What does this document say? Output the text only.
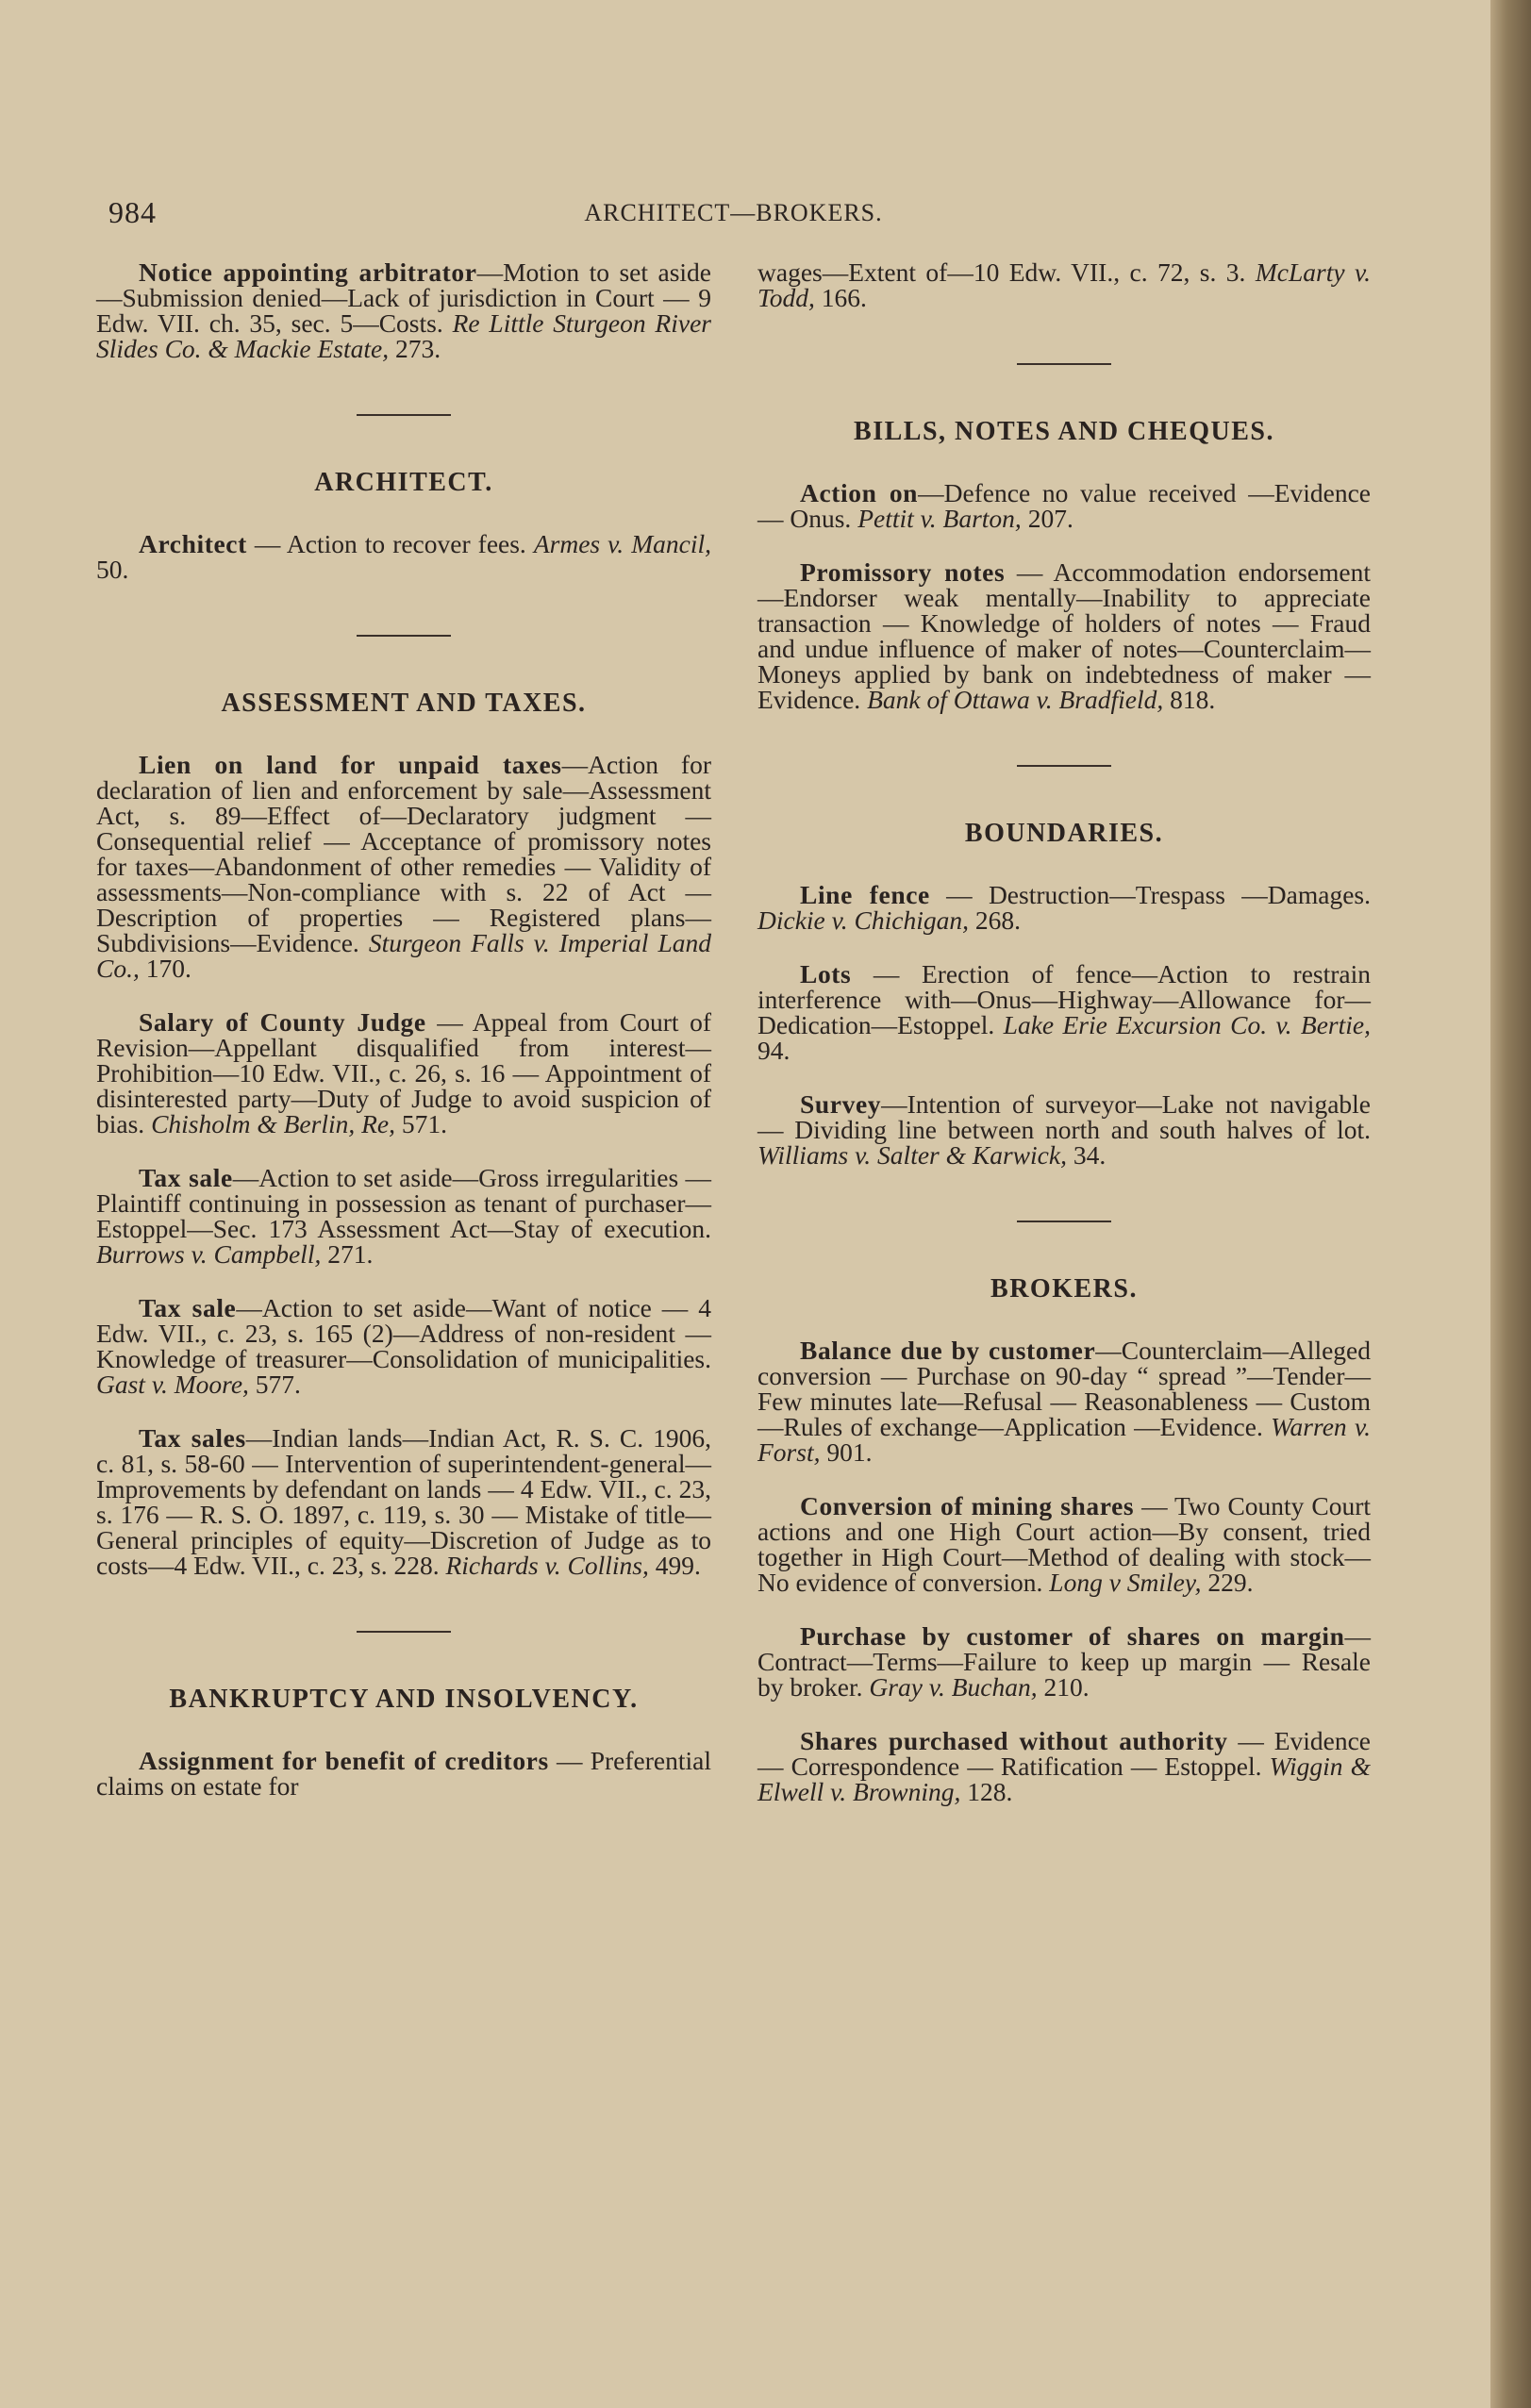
984	ARCHITECT—BROKERS.

Notice appointing arbitrator—Motion to set aside—Submission denied—Lack of jurisdiction in Court — 9 Edw. VII. ch. 35, sec. 5—Costs. Re Little Sturgeon River Slides Co. & Mackie Estate, 273.

ARCHITECT.

Architect — Action to recover fees. Armes v. Mancil, 50.

ASSESSMENT AND TAXES.

Lien on land for unpaid taxes—Action for declaration of lien and enforcement by sale—Assessment Act, s. 89—Effect of—Declaratory judgment — Consequential relief — Acceptance of promissory notes for taxes—Abandonment of other remedies — Validity of assessments—Non-compliance with s. 22 of Act —Description of properties — Registered plans—Subdivisions—Evidence. Sturgeon Falls v. Imperial Land Co., 170.

Salary of County Judge — Appeal from Court of Revision—Appellant disqualified from interest—Prohibition—10 Edw. VII., c. 26, s. 16 — Appointment of disinterested party—Duty of Judge to avoid suspicion of bias. Chisholm & Berlin, Re, 571.

Tax sale—Action to set aside—Gross irregularities — Plaintiff continuing in possession as tenant of purchaser—Estoppel—Sec. 173 Assessment Act—Stay of execution. Burrows v. Campbell, 271.

Tax sale—Action to set aside—Want of notice — 4 Edw. VII., c. 23, s. 165 (2)—Address of non-resident — Knowledge of treasurer—Consolidation of municipalities. Gast v. Moore, 577.

Tax sales—Indian lands—Indian Act, R. S. C. 1906, c. 81, s. 58-60 — Intervention of superintendent-general—Improvements by defendant on lands — 4 Edw. VII., c. 23, s. 176 — R. S. O. 1897, c. 119, s. 30 — Mistake of title—General principles of equity—Discretion of Judge as to costs—4 Edw. VII., c. 23, s. 228. Richards v. Collins, 499.

BANKRUPTCY AND INSOLVENCY.

Assignment for benefit of creditors — Preferential claims on estate for

wages—Extent of—10 Edw. VII., c. 72, s. 3. McLarty v. Todd, 166.

BILLS, NOTES AND CHEQUES.

Action on—Defence no value received —Evidence — Onus. Pettit v. Barton, 207.

Promissory notes — Accommodation endorsement—Endorser weak mentally—Inability to appreciate transaction — Knowledge of holders of notes — Fraud and undue influence of maker of notes—Counterclaim—Moneys applied by bank on indebtedness of maker — Evidence. Bank of Ottawa v. Bradfield, 818.

BOUNDARIES.

Line fence — Destruction—Trespass —Damages. Dickie v. Chichigan, 268.

Lots — Erection of fence—Action to restrain interference with—Onus—Highway—Allowance for—Dedication—Estoppel. Lake Erie Excursion Co. v. Bertie, 94.

Survey—Intention of surveyor—Lake not navigable — Dividing line between north and south halves of lot. Williams v. Salter & Karwick, 34.

BROKERS.

Balance due by customer—Counterclaim—Alleged conversion — Purchase on 90-day “ spread ”—Tender—Few minutes late—Refusal — Reasonableness — Custom—Rules of exchange—Application —Evidence. Warren v. Forst, 901.

Conversion of mining shares — Two County Court actions and one High Court action—By consent, tried together in High Court—Method of dealing with stock—No evidence of conversion. Long v Smiley, 229.

Purchase by customer of shares on margin—Contract—Terms—Failure to keep up margin — Resale by broker. Gray v. Buchan, 210.

Shares purchased without authority — Evidence — Correspondence — Ratification — Estoppel. Wiggin & Elwell v. Browning, 128.
